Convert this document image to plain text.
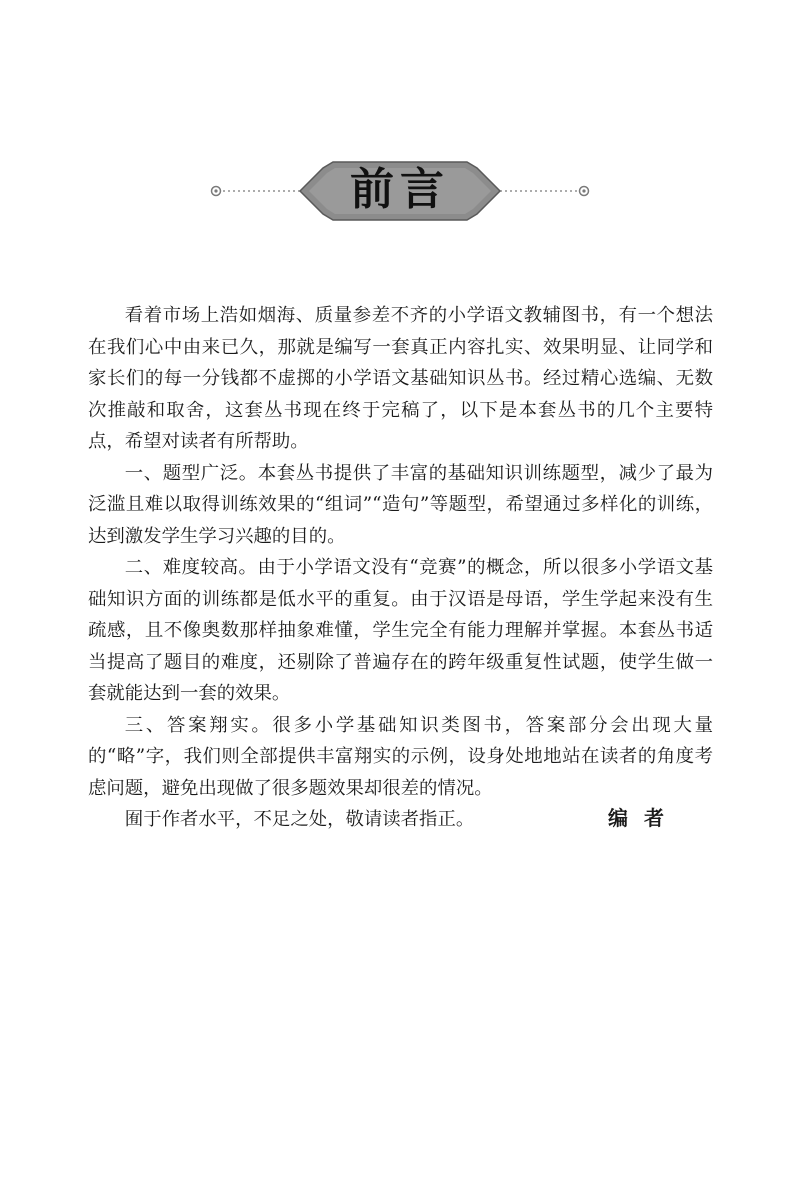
前言

看着市场上浩如烟海、质量参差不齐的小学语文教辅图书，有一个想法在我们心中由来已久，那就是编写一套真正内容扎实、效果明显、让同学和家长们的每一分钱都不虚掷的小学语文基础知识丛书。经过精心选编、无数次推敲和取舍，这套丛书现在终于完稿了，以下是本套丛书的几个主要特点，希望对读者有所帮助。

一、题型广泛。本套丛书提供了丰富的基础知识训练题型，减少了最为泛滥且难以取得训练效果的“组词”“造句”等题型，希望通过多样化的训练，达到激发学生学习兴趣的目的。

二、难度较高。由于小学语文没有“竞赛”的概念，所以很多小学语文基础知识方面的训练都是低水平的重复。由于汉语是母语，学生学起来没有生疏感，且不像奥数那样抽象难懂，学生完全有能力理解并掌握。本套丛书适当提高了题目的难度，还剔除了普遍存在的跨年级重复性试题，使学生做一套就能达到一套的效果。

三、答案翔实。很多小学基础知识类图书，答案部分会出现大量的“略”字，我们则全部提供丰富翔实的示例，设身处地地站在读者的角度考虑问题，避免出现做了很多题效果却很差的情况。

囿于作者水平，不足之处，敬请读者指正。	编者
